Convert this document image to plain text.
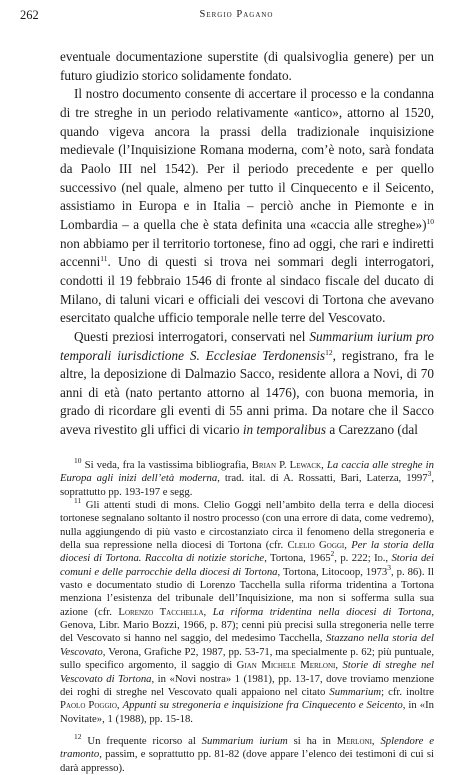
262	Sergio Pagano

eventuale documentazione superstite (di qualsivoglia genere) per un futuro giudizio storico solidamente fondato.

Il nostro documento consente di accertare il processo e la condanna di tre streghe in un periodo relativamente «antico», attorno al 1520, quando vigeva ancora la prassi della tradizionale inquisizione medievale (l’Inquisizione Romana moderna, com’è noto, sarà fondata da Paolo III nel 1542). Per il periodo precedente e per quello successivo (nel quale, almeno per tutto il Cinquecento e il Seicento, assistiamo in Europa e in Italia – perciò anche in Piemonte e in Lombardia – a quella che è stata definita una «caccia alle streghe»)$^{10}$ non abbiamo per il territorio tortonese, fino ad oggi, che rari e indiretti accenni$^{11}$. Uno di questi si trova nei sommari degli interrogatori, condotti il 19 febbraio 1546 di fronte al sindaco fiscale del ducato di Milano, di taluni vicari e officiali dei vescovi di Tortona che avevano esercitato qualche ufficio temporale nelle terre del Vescovato.

Questi preziosi interrogatori, conservati nel Summarium iurium pro temporali iurisdictione S. Ecclesiae Terdonensis$^{12}$, registrano, fra le altre, la deposizione di Dalmazio Sacco, residente allora a Novi, di 70 anni di età (nato pertanto attorno al 1476), con buona memoria, in grado di ricordare gli eventi di 55 anni prima. Da notare che il Sacco aveva rivestito gli uffici di vicario in temporalibus a Carezzano (dal

$^{10}$ Si veda, fra la vastissima bibliografia, Brian P. Lewack, La caccia alle streghe in Europa agli inizi dell’età moderna, trad. ital. di A. Rossatti, Bari, Laterza, 1997$^3$, soprattutto pp. 193-197 e segg.

$^{11}$ Gli attenti studi di mons. Clelio Goggi nell’ambito della terra e della diocesi tortonese segnalano soltanto il nostro processo (con una errore di data, come vedremo), nulla aggiungendo di più vasto e circostanziato circa il fenomeno della stregoneria e della sua repressione nella diocesi di Tortona (cfr. Clelio Goggi, Per la storia della diocesi di Tortona. Raccolta di notizie storiche, Tortona, 1965$^2$, p. 222; Id., Storia dei comuni e delle parrocchie della diocesi di Tortona, Tortona, Litocoop, 1973$^3$, p. 86). Il vasto e documentato studio di Lorenzo Tacchella sulla riforma tridentina a Tortona menziona l’esistenza del tribunale dell’Inquisizione, ma non si sofferma sulla sua azione (cfr. Lorenzo Tacchella, La riforma tridentina nella diocesi di Tortona, Genova, Libr. Mario Bozzi, 1966, p. 87); cenni più precisi sulla stregoneria nelle terre del Vescovato si hanno nel saggio, del medesimo Tacchella, Stazzano nella storia del Vescovato, Verona, Grafiche P2, 1987, pp. 53-71, ma specialmente p. 62; più puntuale, sullo specifico argomento, il saggio di Gian Michele Merloni, Storie di streghe nel Vescovato di Tortona, in «Novi nostra» 1 (1981), pp. 13-17, dove troviamo menzione dei roghi di streghe nel Vescovato quali appaiono nel citato Summarium; cfr. inoltre Paolo Poggio, Appunti su stregoneria e inquisizione fra Cinquecento e Seicento, in «In Novitate», 1 (1988), pp. 15-18.

$^{12}$ Un frequente ricorso al Summarium iurium si ha in Merloni, Splendore e tramonto, passim, e soprattutto pp. 81-82 (dove appare l’elenco dei testimoni di cui si darà appresso).
